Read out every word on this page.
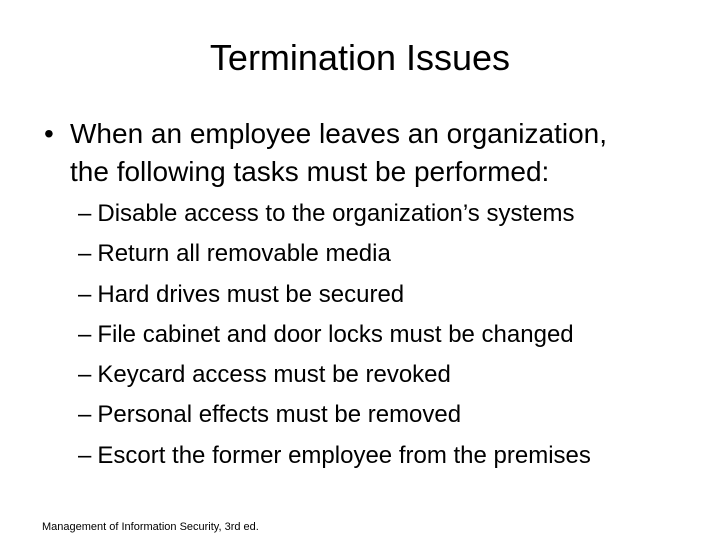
Termination Issues
• When an employee leaves an organization,
the following tasks must be performed:
– Disable access to the organization’s systems
– Return all removable media
– Hard drives must be secured
– File cabinet and door locks must be changed
– Keycard access must be revoked
– Personal effects must be removed
– Escort the former employee from the premises
Management of Information Security, 3rd ed.
